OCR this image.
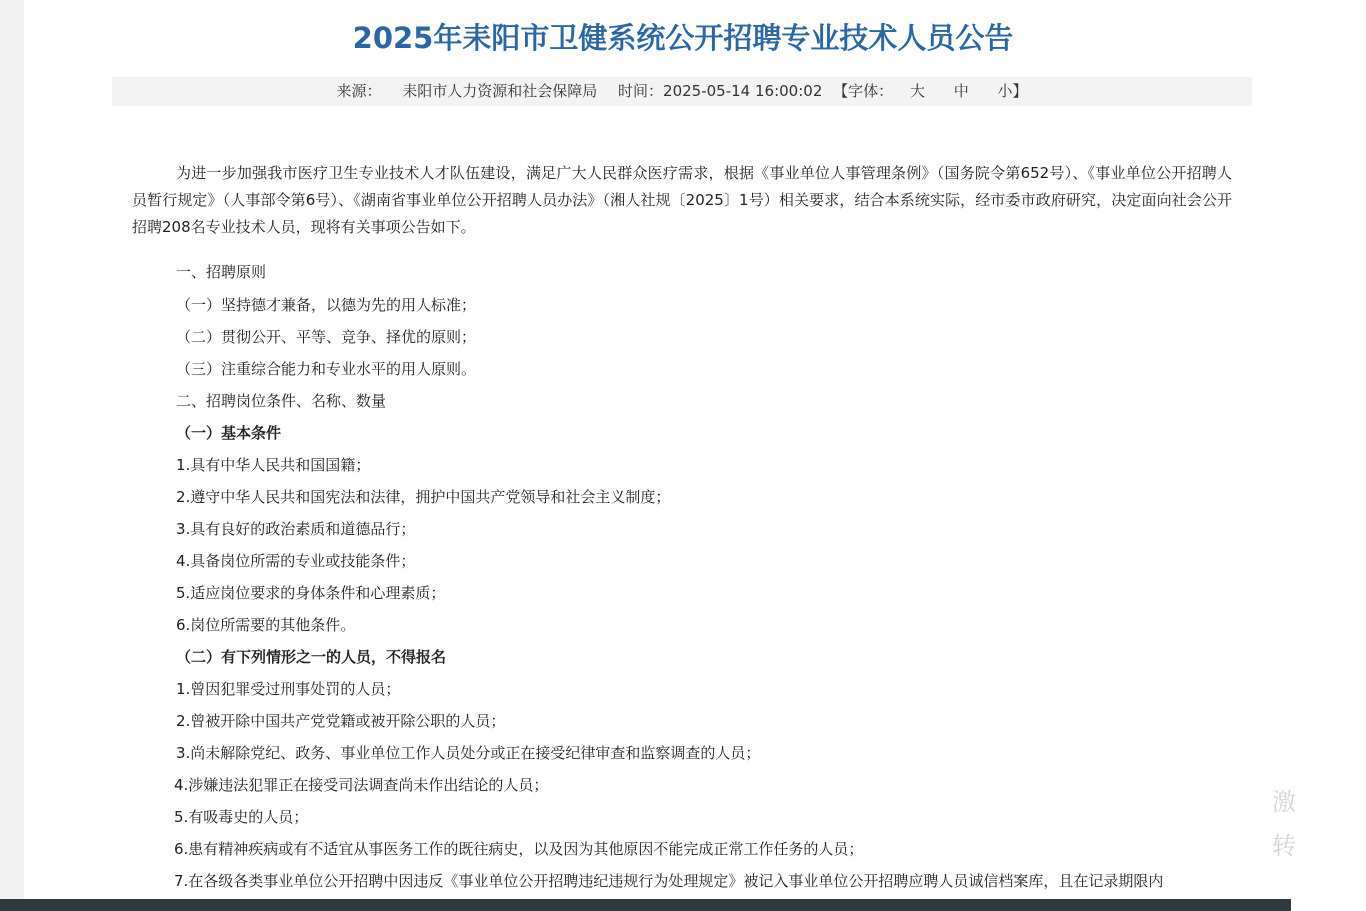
2025年耒阳市卫健系统公开招聘专业技术人员公告
来源： 耒阳市人力资源和社会保障局 时间：2025-05-14 16:00:02 【字体： 大 中 小】

为进一步加强我市医疗卫生专业技术人才队伍建设，满足广大人民群众医疗需求，根据《事业单位人事管理条例》（国务院令第652号）、《事业单位公开招聘人员暂行规定》（人事部令第6号）、《湖南省事业单位公开招聘人员办法》（湘人社规〔2025〕1号）相关要求，结合本系统实际，经市委市政府研究，决定面向社会公开招聘208名专业技术人员，现将有关事项公告如下。

一、招聘原则
（一）坚持德才兼备，以德为先的用人标准；
（二）贯彻公开、平等、竞争、择优的原则；
（三）注重综合能力和专业水平的用人原则。
二、招聘岗位条件、名称、数量
（一）基本条件
1.具有中华人民共和国国籍；
2.遵守中华人民共和国宪法和法律，拥护中国共产党领导和社会主义制度；
3.具有良好的政治素质和道德品行；
4.具备岗位所需的专业或技能条件；
5.适应岗位要求的身体条件和心理素质；
6.岗位所需要的其他条件。
（二）有下列情形之一的人员，不得报名
1.曾因犯罪受过刑事处罚的人员；
2.曾被开除中国共产党党籍或被开除公职的人员；
3.尚未解除党纪、政务、事业单位工作人员处分或正在接受纪律审查和监察调查的人员；
4.涉嫌违法犯罪正在接受司法调查尚未作出结论的人员；
5.有吸毒史的人员；
6.患有精神疾病或有不适宜从事医务工作的既往病史，以及因为其他原因不能完成正常工作任务的人员；
7.在各级各类事业单位公开招聘中因违反《事业单位公开招聘违纪违规行为处理规定》被记入事业单位公开招聘应聘人员诚信档案库，且在记录期限内
激
转
